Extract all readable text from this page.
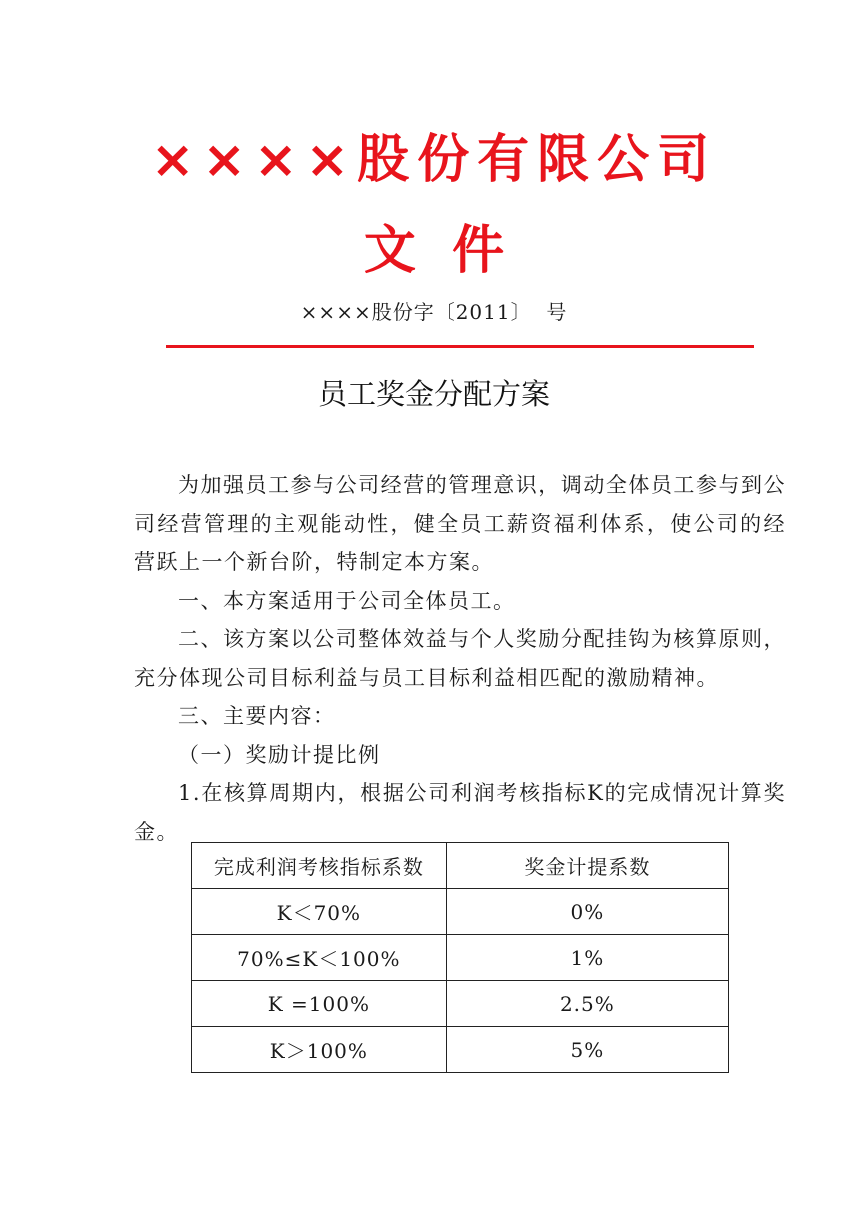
××××股份有限公司
文  件
××××股份字〔2011〕  号
员工奖金分配方案

为加强员工参与公司经营的管理意识，调动全体员工参与到公司经营管理的主观能动性，健全员工薪资福利体系，使公司的经营跃上一个新台阶，特制定本方案。

一、本方案适用于公司全体员工。

二、该方案以公司整体效益与个人奖励分配挂钩为核算原则，充分体现公司目标利益与员工目标利益相匹配的激励精神。

三、主要内容：

（一）奖励计提比例

1.在核算周期内，根据公司利润考核指标K的完成情况计算奖金。

完成利润考核指标系数	奖金计提系数
K＜70%	0%
70%≤K＜100%	1%
K =100%	2.5%
K＞100%	5%
